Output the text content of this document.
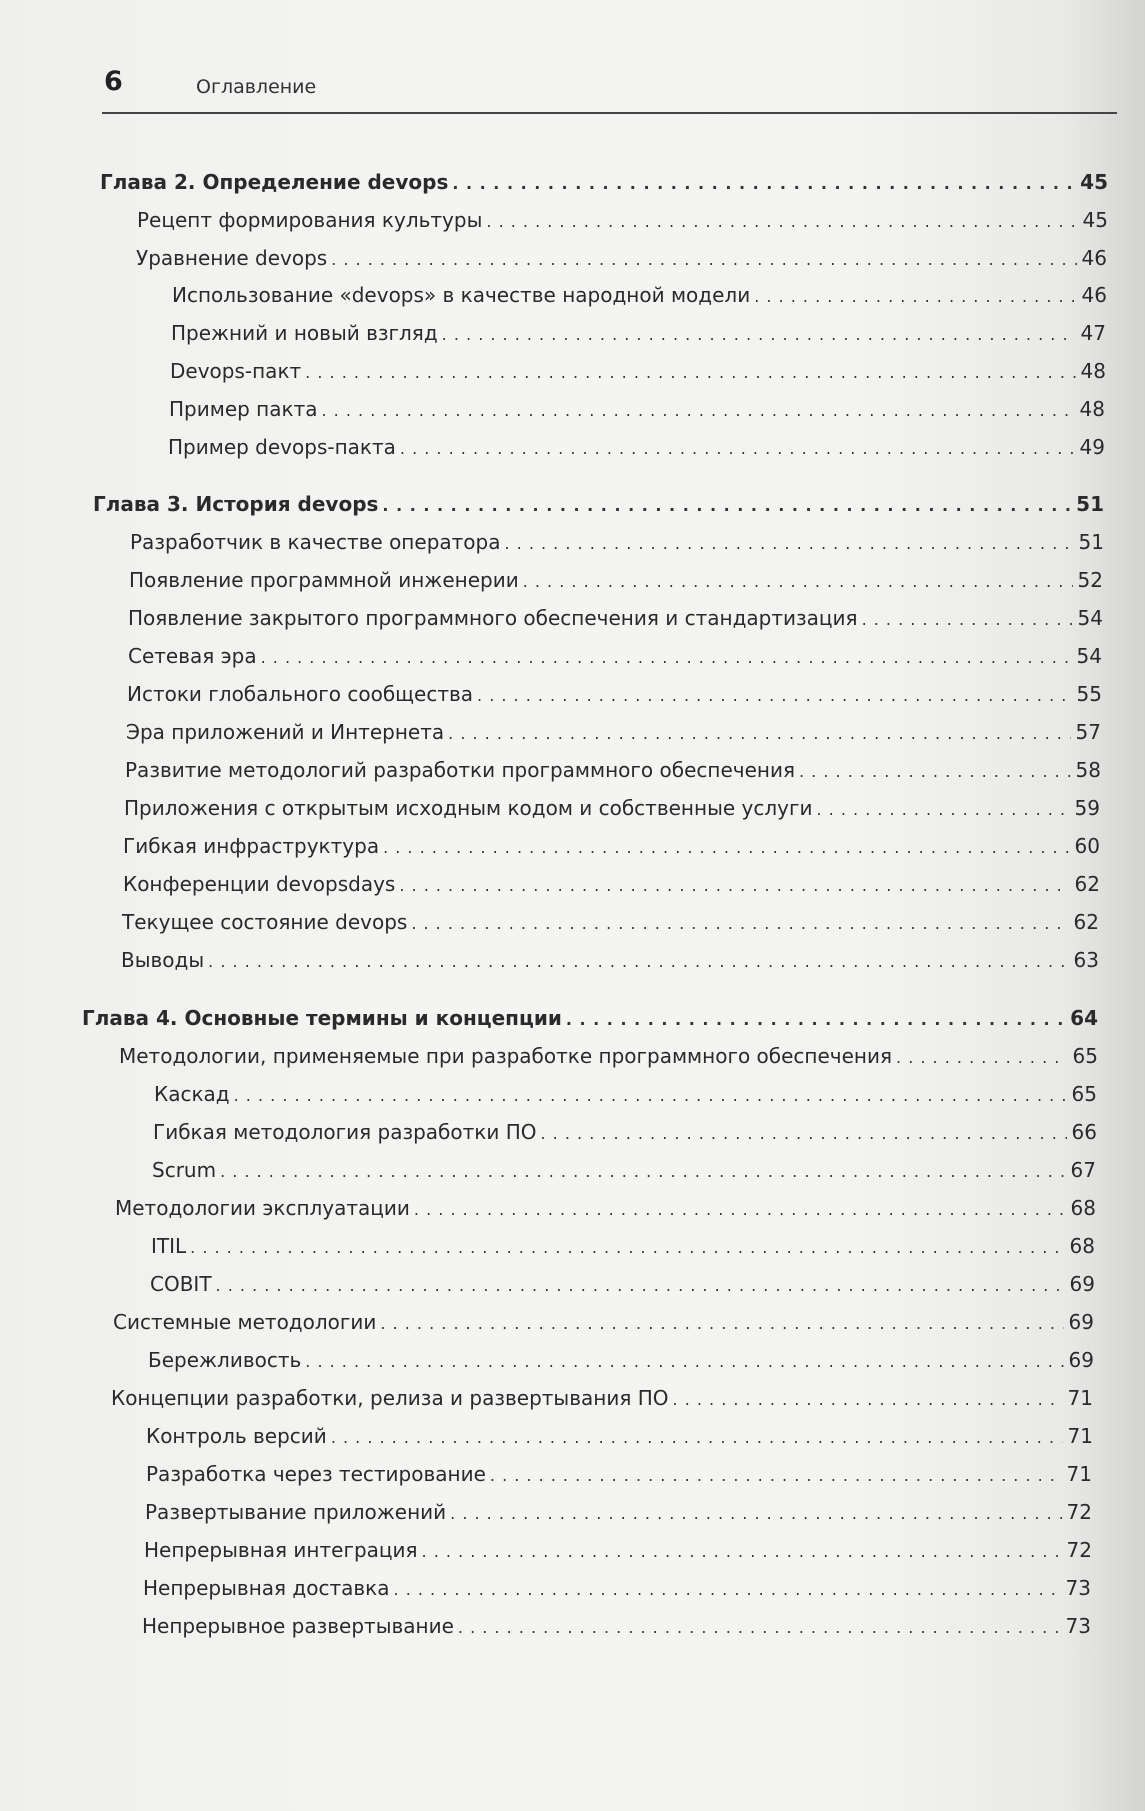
6	Оглавление
Глава 2. Определение devops . . .	45
Рецепт формирования культуры . . .	45
Уравнение devops . . .	46
Использование «devops» в качестве народной модели . . .	46
Прежний и новый взгляд . . .	47
Devops-пакт . . .	48
Пример пакта . . .	48
Пример devops-пакта . . .	49
Глава 3. История devops . . .	51
Разработчик в качестве оператора . . .	51
Появление программной инженерии . . .	52
Появление закрытого программного обеспечения и стандартизация . . .	54
Сетевая эра . . .	54
Истоки глобального сообщества . . .	55
Эра приложений и Интернета . . .	57
Развитие методологий разработки программного обеспечения . . .	58
Приложения с открытым исходным кодом и собственные услуги . . .	59
Гибкая инфраструктура . . .	60
Конференции devopsdays . . .	62
Текущее состояние devops . . .	62
Выводы . . .	63
Глава 4. Основные термины и концепции . . .	64
Методологии, применяемые при разработке программного обеспечения . . .	65
Каскад . . .	65
Гибкая методология разработки ПО . . .	66
Scrum . . .	67
Методологии эксплуатации . . .	68
ITIL . . .	68
COBIT . . .	69
Системные методологии . . .	69
Бережливость . . .	69
Концепции разработки, релиза и развертывания ПО . . .	71
Контроль версий . . .	71
Разработка через тестирование . . .	71
Развертывание приложений . . .	72
Непрерывная интеграция . . .	72
Непрерывная доставка . . .	73
Непрерывное развертывание . . .	73
